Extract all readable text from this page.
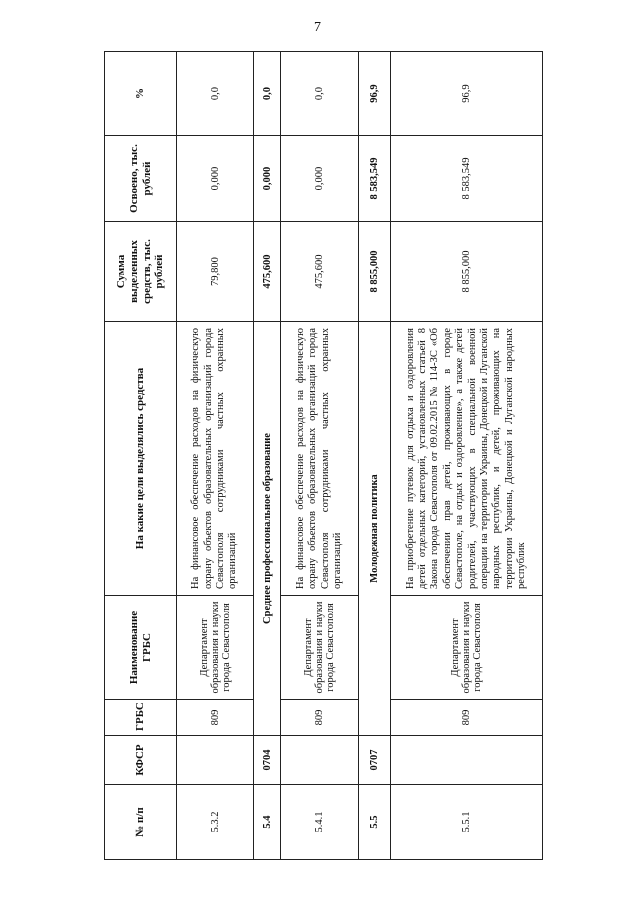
7
№ п/п	КФСР	ГРБС	Наименование ГРБС	На какие цели выделялись средства	Сумма выделенных средств, тыс. рублей	Освоено, тыс. рублей	%
5.3.2		809	Департамент образования и науки города Севастополя	На финансовое обеспечение расходов на физическую охрану объектов образовательных организаций города Севастополя сотрудниками частных охранных организаций	79,800	0,000	0,0
5.4	0704	Среднее профессиональное образование			475,600	0,000	0,0
5.4.1		809	Департамент образования и науки города Севастополя	На финансовое обеспечение расходов на физическую охрану объектов образовательных организаций города Севастополя сотрудниками частных охранных организаций	475,600	0,000	0,0
5.5	0707	Молодежная политика			8 855,000	8 583,549	96,9
5.5.1		809	Департамент образования и науки города Севастополя	На приобретение путевок для отдыха и оздоровления детей отдельных категорий, установленных статьей 8 Закона города Севастополя от 09.02.2015 № 114-ЗС «Об обеспечении прав детей, проживающих в городе Севастополе, на отдых и оздоровление», а также детей родителей, участвующих в специальной военной операции на территории Украины, Донецкой и Луганской народных республик, и детей, проживающих на территории Украины, Донецкой и Луганской народных республик	8 855,000	8 583,549	96,9
